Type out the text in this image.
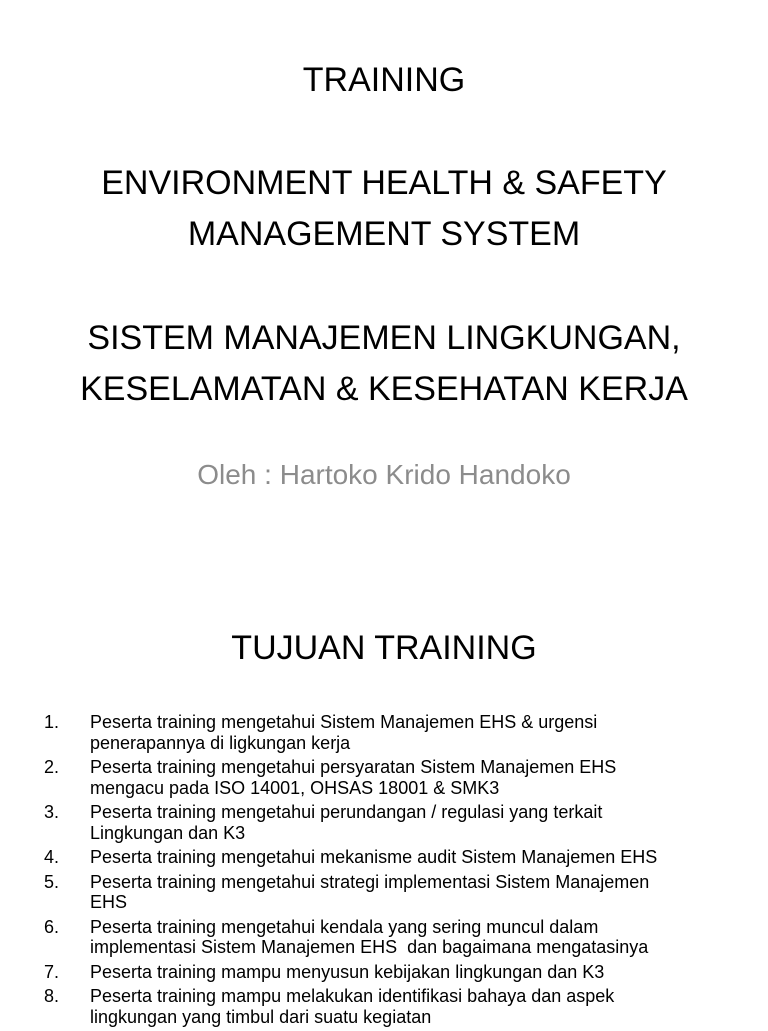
TRAINING
ENVIRONMENT HEALTH & SAFETY
MANAGEMENT SYSTEM
SISTEM MANAJEMEN LINGKUNGAN,
KESELAMATAN & KESEHATAN KERJA
Oleh : Hartoko Krido Handoko
TUJUAN TRAINING
1.	Peserta training mengetahui Sistem Manajemen EHS & urgensi
penerapannya di ligkungan kerja
2.	Peserta training mengetahui persyaratan Sistem Manajemen EHS
mengacu pada ISO 14001, OHSAS 18001 & SMK3
3.	Peserta training mengetahui perundangan / regulasi yang terkait
Lingkungan dan K3
4.	Peserta training mengetahui mekanisme audit Sistem Manajemen EHS
5.	Peserta training mengetahui strategi implementasi Sistem Manajemen
EHS
6.	Peserta training mengetahui kendala yang sering muncul dalam
implementasi Sistem Manajemen EHS  dan bagaimana mengatasinya
7.	Peserta training mampu menyusun kebijakan lingkungan dan K3
8.	Peserta training mampu melakukan identifikasi bahaya dan aspek
lingkungan yang timbul dari suatu kegiatan
